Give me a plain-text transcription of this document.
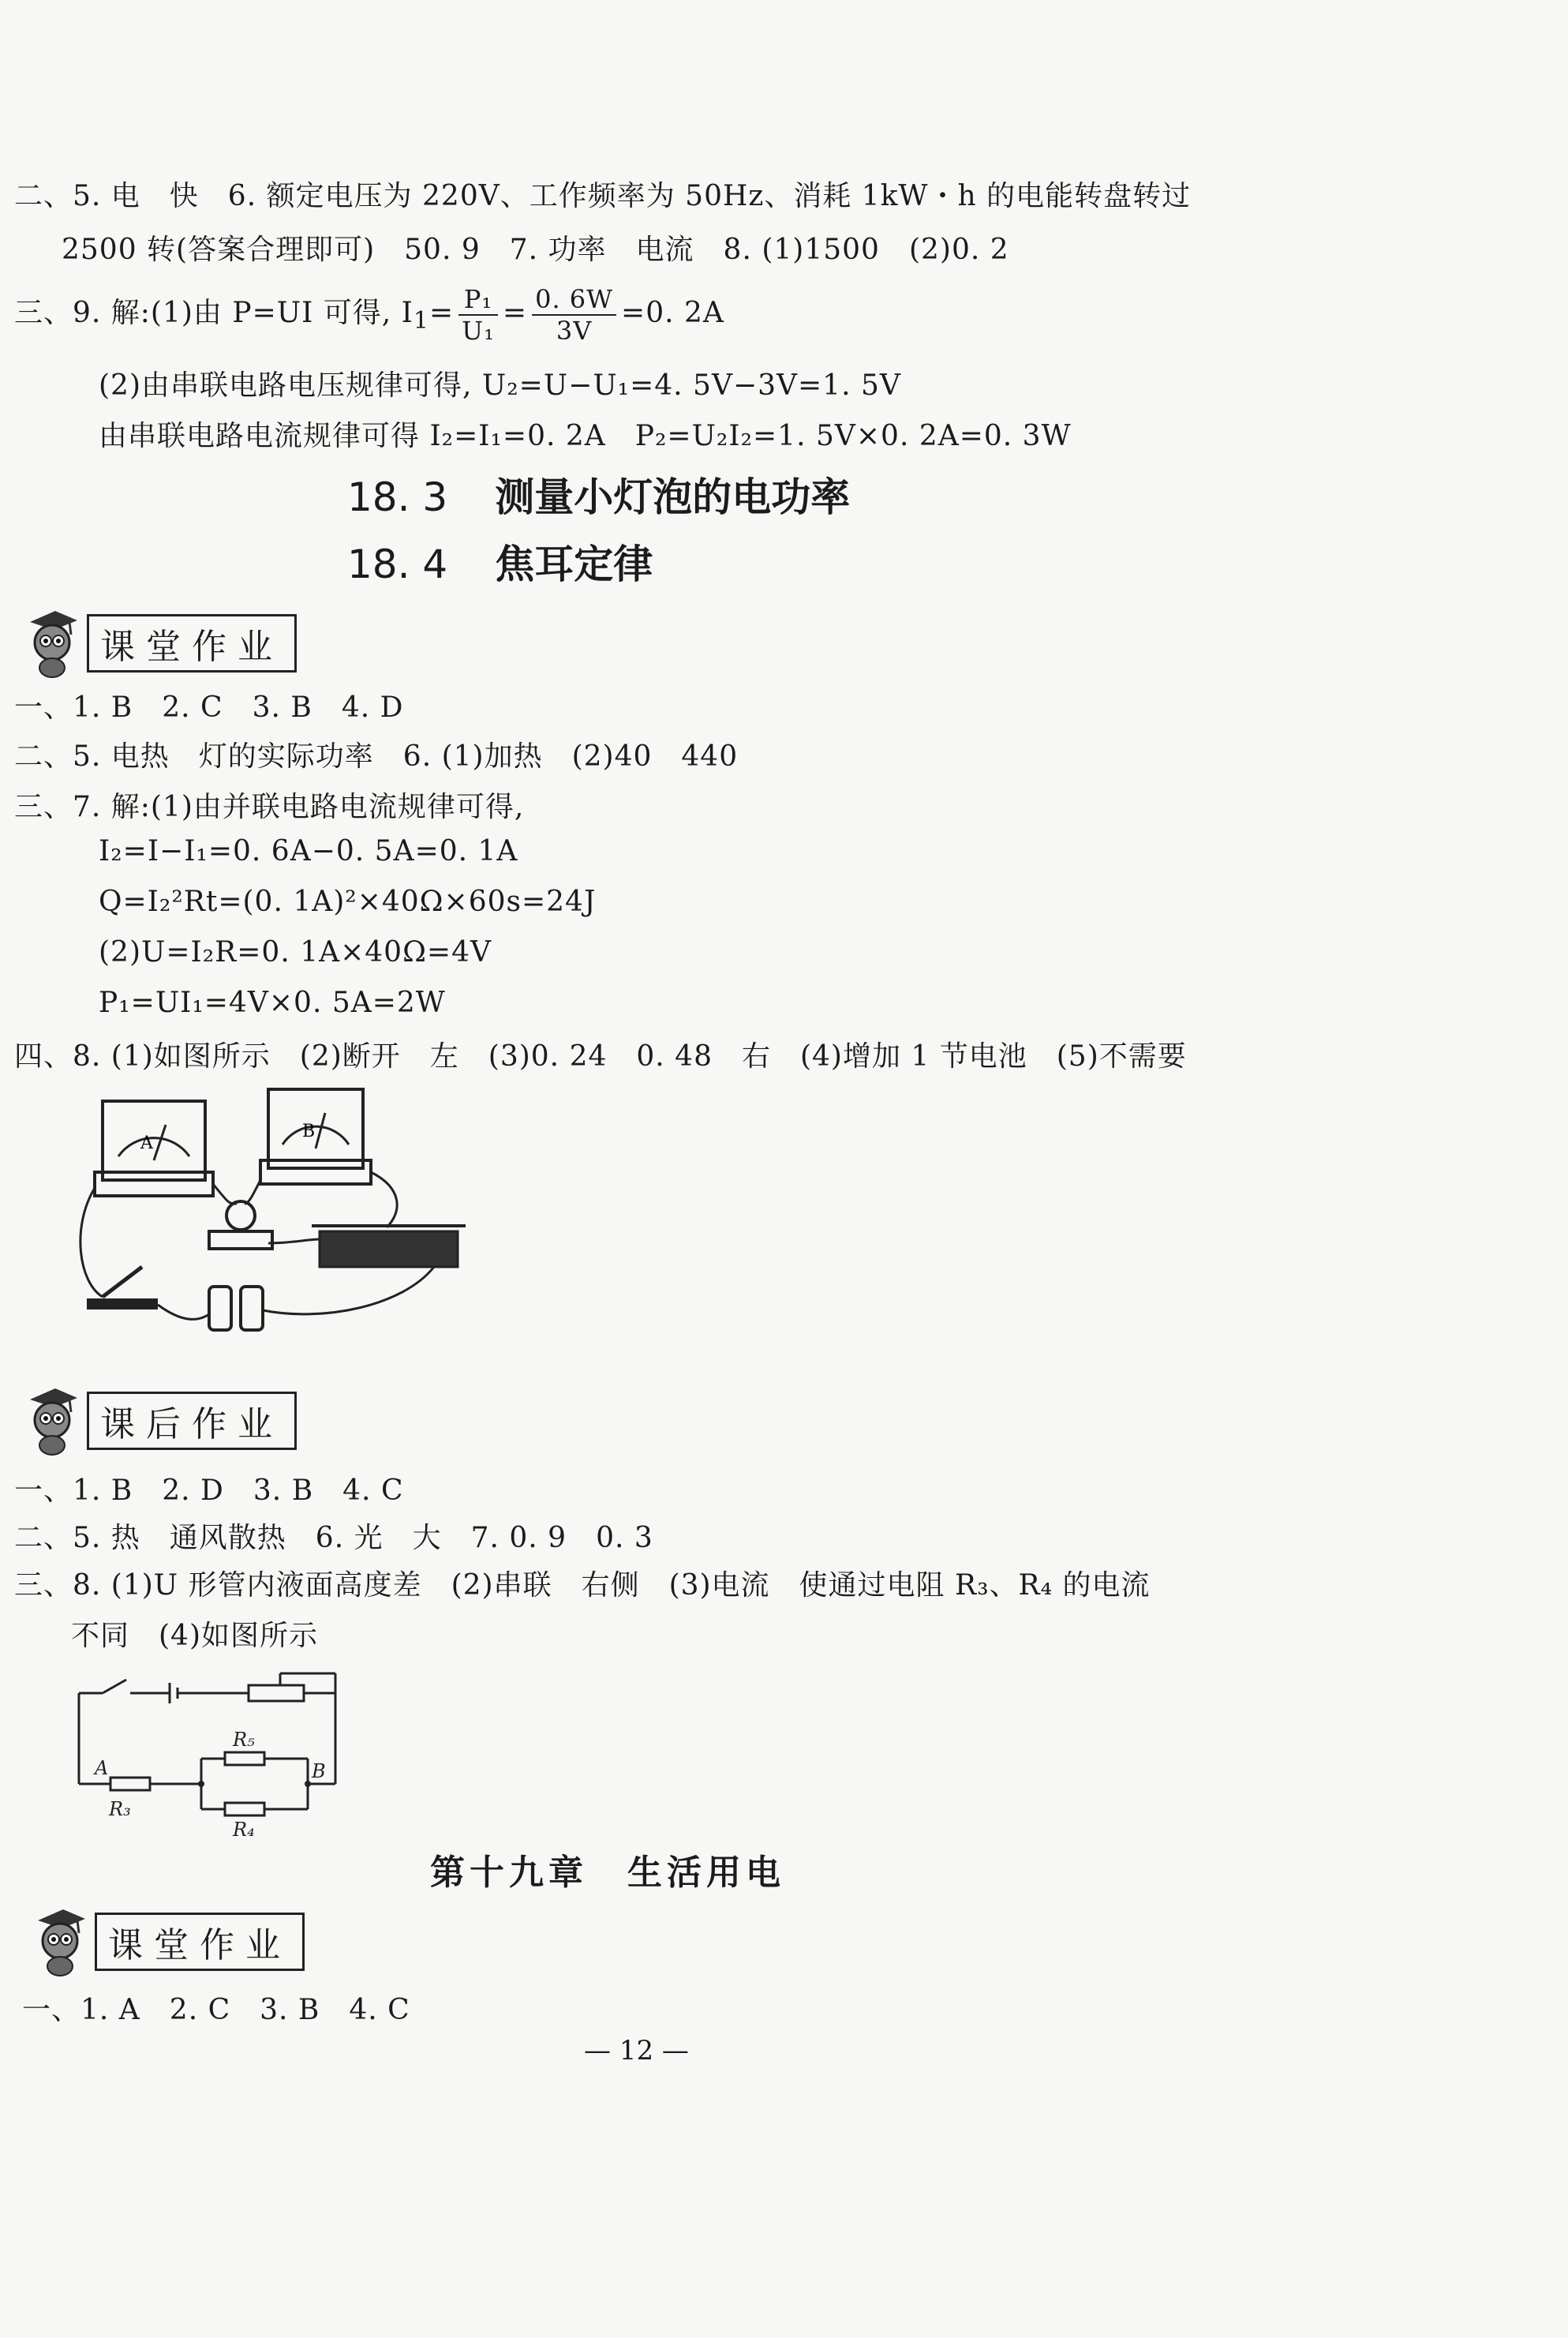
二、5. 电　快　6. 额定电压为 220V、工作频率为 50Hz、消耗 1kW・h 的电能转盘转过
2500 转(答案合理即可)　50. 9　7. 功率　电流　8. (1)1500　(2)0. 2
三、9. 解:(1)由 P=UI 可得, $I_1= \frac{\text{P₁}}{\text{U₁}} = \frac{0. 6W}{3V} =0$. 2A
(2)由串联电路电压规律可得, U₂=U−U₁=4. 5V−3V=1. 5V
由串联电路电流规律可得 I₂=I₁=0. 2A　P₂=U₂I₂=1. 5V×0. 2A=0. 3W
18. 3 测量小灯泡的电功率
18. 4 焦耳定律
课堂作业
一、1. B　2. C　3. B　4. D
二、5. 电热　灯的实际功率　6. (1)加热　(2)40　440
三、7. 解:(1)由并联电路电流规律可得,
I₂=I−I₁=0. 6A−0. 5A=0. 1A
Q=I₂²Rt=(0. 1A)²×40Ω×60s=24J
(2)U=I₂R=0. 1A×40Ω=4V
P₁=UI₁=4V×0. 5A=2W
四、8. (1)如图所示　(2)断开　左　(3)0. 24　0. 48　右　(4)增加 1 节电池　(5)不需要
A
B
课后作业
一、1. B　2. D　3. B　4. C
二、5. 热　通风散热　6. 光　大　7. 0. 9　0. 3
三、8. (1)U 形管内液面高度差　(2)串联　右侧　(3)电流　使通过电阻 R₃、R₄ 的电流
不同　(4)如图所示
R₅
A
R₃
B
R₄
第十九章　生活用电
课堂作业
一、1. A　2. C　3. B　4. C
— 12 —
